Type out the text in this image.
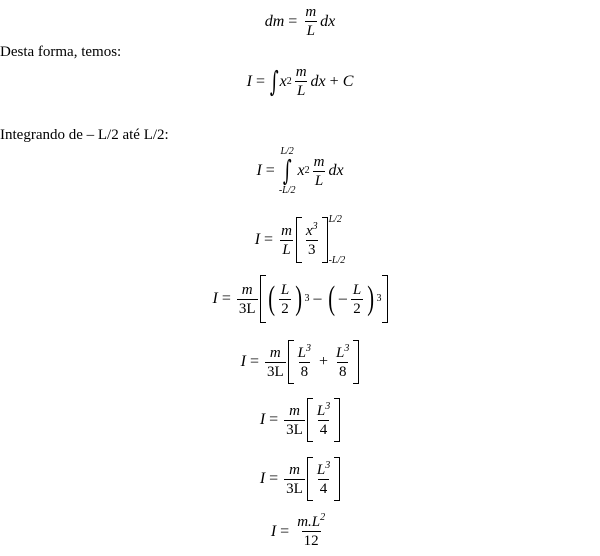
dm = $\frac{m}{L}$ dx
Desta forma, temos:
I = ∫ x $2 \frac{m}{L}$ dx + C
Integrando de – L/2 até L/2:
I =
L/2
∫
-L/2
x $2 \frac{m}{L}$ dx
$I = \frac{m}{L} \frac{x^3}{3}$
L/2
-L/2
$I = \frac{m}{3L}$ ( $\frac{L}{2}$ ) 3 – ( – $\frac{L}{2}$ ) 3
$I = \frac{m}{3L} \frac{L^3}{8} + \frac{L^3}{8}$
$I = \frac{m}{3L} \frac{L^3}{4}$
$I = \frac{m}{3L} \frac{L^3}{4}$
$I = \frac{m.L^2}{12}$
